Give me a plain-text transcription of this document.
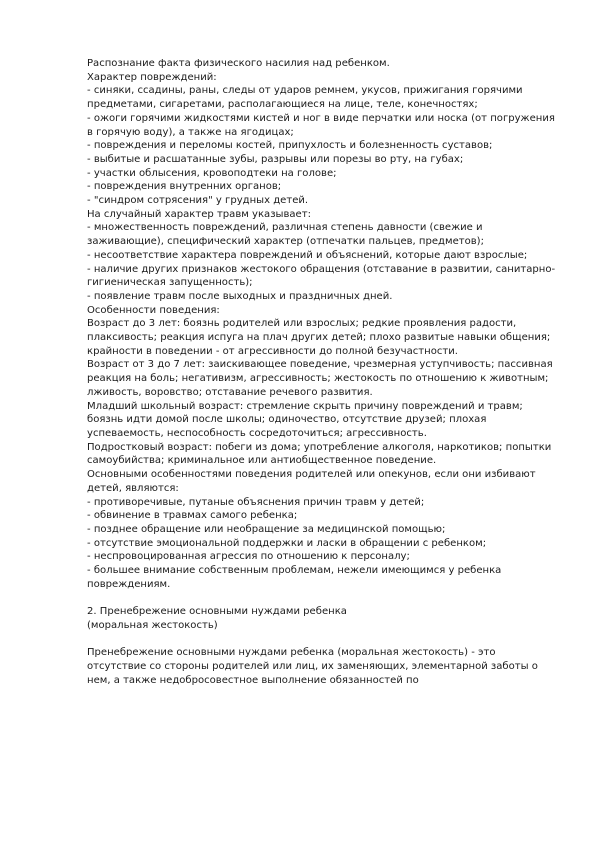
Распознание факта физического насилия над ребенком.

Характер повреждений:

- синяки, ссадины, раны, следы от ударов ремнем, укусов, прижигания горячими предметами, сигаретами, располагающиеся на лице, теле, конечностях;

- ожоги горячими жидкостями кистей и ног в виде перчатки или носка (от погружения в горячую воду), а также на ягодицах;

- повреждения и переломы костей, припухлость и болезненность суставов;

- выбитые и расшатанные зубы, разрывы или порезы во рту, на губах;

- участки облысения, кровоподтеки на голове;

- повреждения внутренних органов;

- "синдром сотрясения" у грудных детей.

На случайный характер травм указывает:

- множественность повреждений, различная степень давности (свежие и заживающие), специфический характер (отпечатки пальцев, предметов);

- несоответствие характера повреждений и объяснений, которые дают взрослые;

- наличие других признаков жестокого обращения (отставание в развитии, санитарно-гигиеническая запущенность);

- появление травм после выходных и праздничных дней.

Особенности поведения:

Возраст до 3 лет: боязнь родителей или взрослых; редкие проявления радости, плаксивость; реакция испуга на плач других детей; плохо развитые навыки общения; крайности в поведении - от агрессивности до полной безучастности.

Возраст от 3 до 7 лет: заискивающее поведение, чрезмерная уступчивость; пассивная реакция на боль; негативизм, агрессивность; жестокость по отношению к животным; лживость, воровство; отставание речевого развития.

Младший школьный возраст: стремление скрыть причину повреждений и травм; боязнь идти домой после школы; одиночество, отсутствие друзей; плохая успеваемость, неспособность сосредоточиться; агрессивность.

Подростковый возраст: побеги из дома; употребление алкоголя, наркотиков; попытки самоубийства; криминальное или антиобщественное поведение.

Основными особенностями поведения родителей или опекунов, если они избивают детей, являются:

- противоречивые, путаные объяснения причин травм у детей;

- обвинение в травмах самого ребенка;

- позднее обращение или необращение за медицинской помощью;

- отсутствие эмоциональной поддержки и ласки в обращении с ребенком;

- неспровоцированная агрессия по отношению к персоналу;

- большее внимание собственным проблемам, нежели имеющимся у ребенка повреждениям.

2. Пренебрежение основными нуждами ребенка

(моральная жестокость)

Пренебрежение основными нуждами ребенка (моральная жестокость) - это отсутствие со стороны родителей или лиц, их заменяющих, элементарной заботы о нем, а также недобросовестное выполнение обязанностей по
